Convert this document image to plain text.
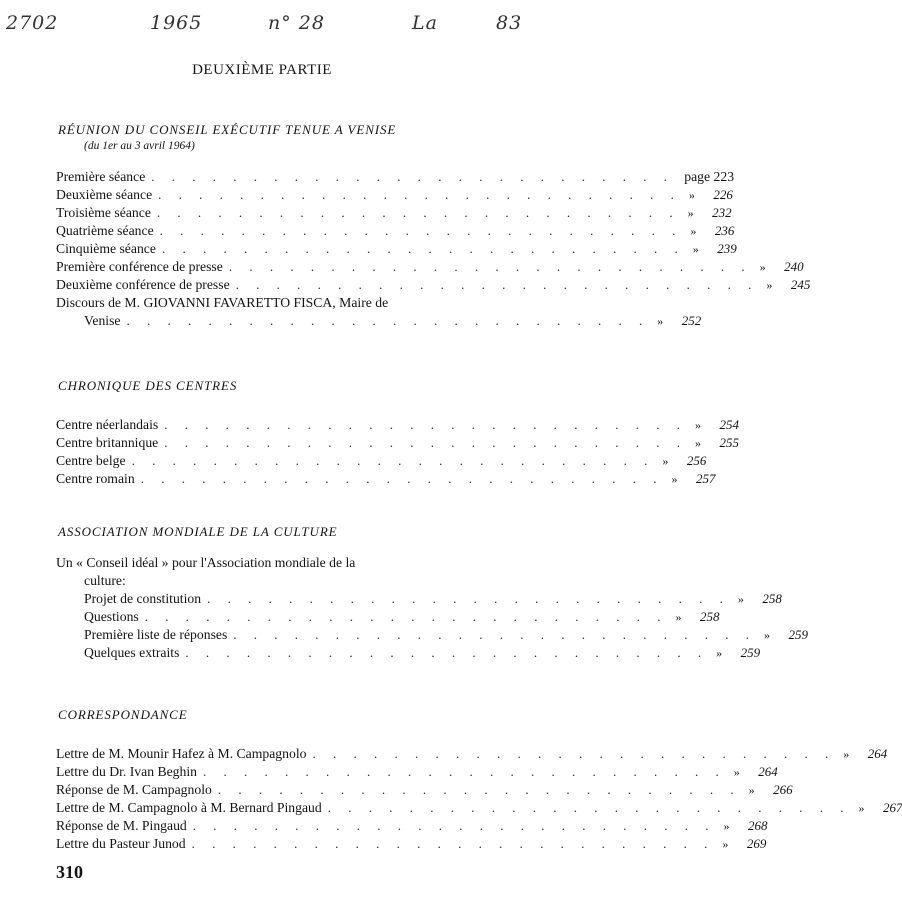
2702	1965	n° 28	La	83
DEUXIÈME PARTIE
RÉUNION DU CONSEIL EXÉCUTIF TENUE A VENISE
(du 1er au 3 avril 1964)
Première séance . . . . . . . . . . . . . . . . . . . . . . . . . . page 223
Deuxième séance . . . . . . . . . . . . . . . . . . . . . . . . . . »	226
Troisième séance . . . . . . . . . . . . . . . . . . . . . . . . . . »	232
Quatrième séance . . . . . . . . . . . . . . . . . . . . . . . . . . »	236
Cinquième séance . . . . . . . . . . . . . . . . . . . . . . . . . . »	239
Première conférence de presse . . . . . . . . . . . . . . . . . . . . . . . . . . »	240
Deuxième conférence de presse . . . . . . . . . . . . . . . . . . . . . . . . . . »	245
Discours de M. GIOVANNI FAVARETTO FISCA, Maire de
Venise . . . . . . . . . . . . . . . . . . . . . . . . . . »	252
CHRONIQUE DES CENTRES
Centre néerlandais . . . . . . . . . . . . . . . . . . . . . . . . . . »	254
Centre britannique . . . . . . . . . . . . . . . . . . . . . . . . . . »	255
Centre belge . . . . . . . . . . . . . . . . . . . . . . . . . . »	256
Centre romain . . . . . . . . . . . . . . . . . . . . . . . . . . »	257
ASSOCIATION MONDIALE DE LA CULTURE
Un « Conseil idéal » pour l'Association mondiale de la
culture:
Projet de constitution . . . . . . . . . . . . . . . . . . . . . . . . . . »	258
Questions . . . . . . . . . . . . . . . . . . . . . . . . . . »	258
Première liste de réponses . . . . . . . . . . . . . . . . . . . . . . . . . . »	259
Quelques extraits . . . . . . . . . . . . . . . . . . . . . . . . . . »	259
CORRESPONDANCE
Lettre de M. Mounir Hafez à M. Campagnolo . . . . . . . . . . . . . . . . . . . . . . . . . . »	264
Lettre du Dr. Ivan Beghin . . . . . . . . . . . . . . . . . . . . . . . . . . »	264
Réponse de M. Campagnolo . . . . . . . . . . . . . . . . . . . . . . . . . . »	266
Lettre de M. Campagnolo à M. Bernard Pingaud . . . . . . . . . . . . . . . . . . . . . . . . . . »	267
Réponse de M. Pingaud . . . . . . . . . . . . . . . . . . . . . . . . . . »	268
Lettre du Pasteur Junod . . . . . . . . . . . . . . . . . . . . . . . . . . »	269
310
